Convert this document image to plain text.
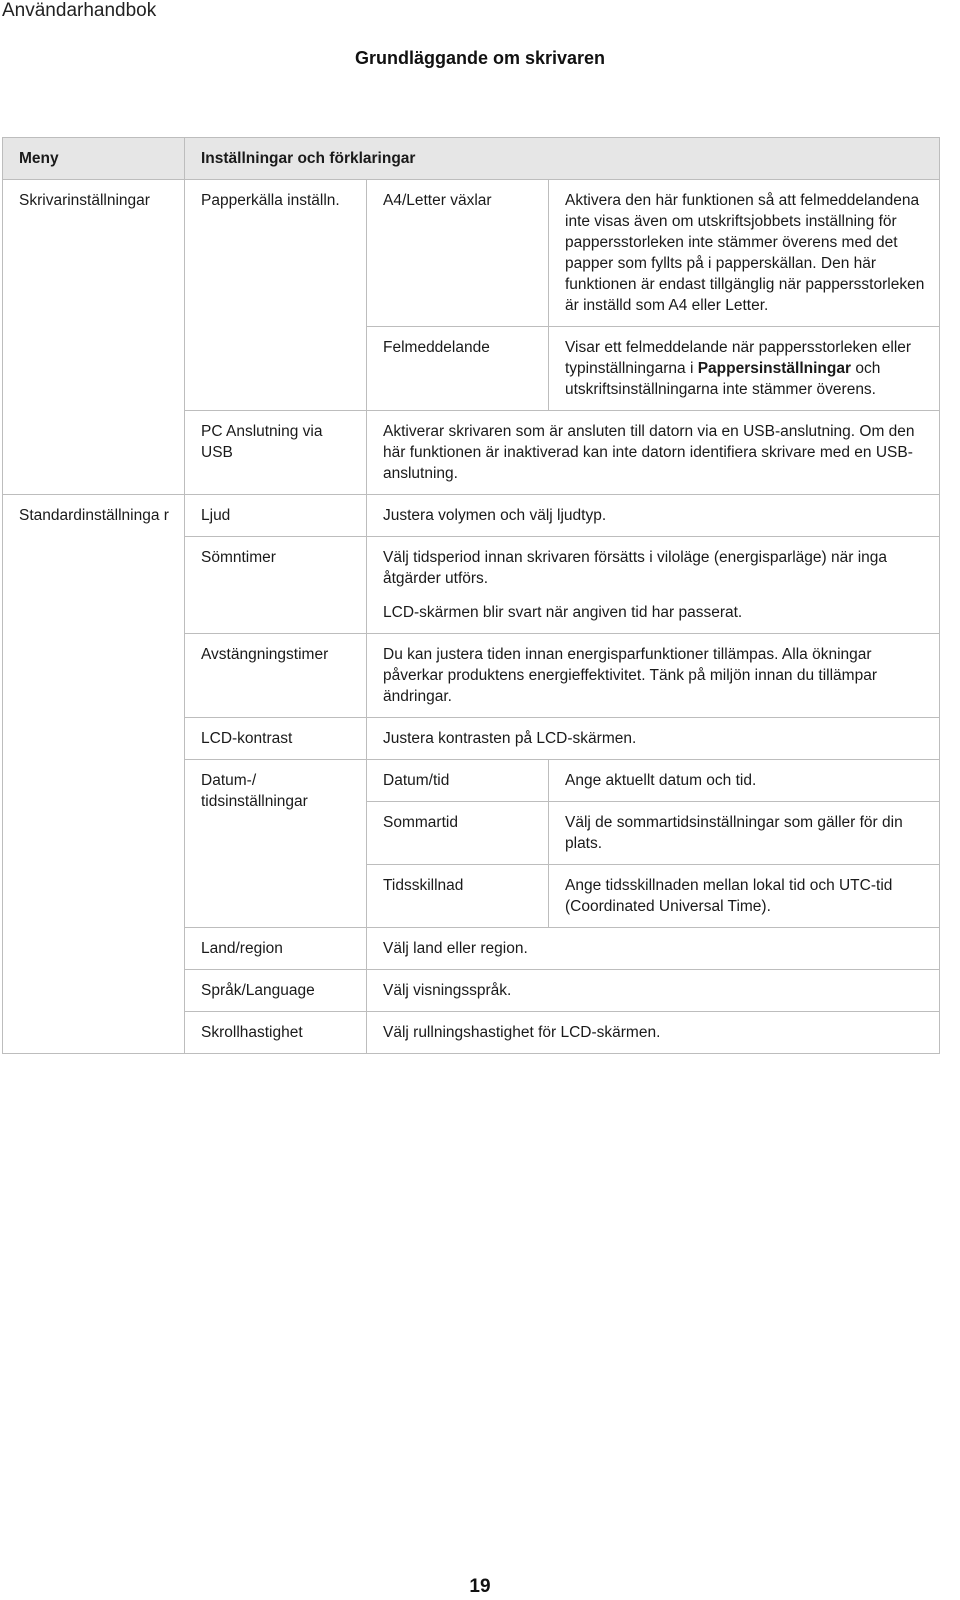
Användarhandbok
Grundläggande om skrivaren
Meny	Inställningar och förklaringar		
Skrivarinställningar	Papperkälla inställn.	A4/Letter växlar	Aktivera den här funktionen så att felmeddelandena inte visas även om utskriftsjobbets inställning för pappersstorleken inte stämmer överens med det papper som fyllts på i papperskällan. Den här funktionen är endast tillgänglig när pappersstorleken är inställd som A4 eller Letter.
		Felmeddelande	Visar ett felmeddelande när pappersstorleken eller typinställningarna i Pappersinställningar och utskriftsinställningarna inte stämmer överens.
	PC Anslutning via USB	Aktiverar skrivaren som är ansluten till datorn via en USB-anslutning. Om den här funktionen är inaktiverad kan inte datorn identifiera skrivare med en USB-anslutning.	
Standardinställninga r	Ljud	Justera volymen och välj ljudtyp.	
	Sömntimer	Välj tidsperiod innan skrivaren försätts i viloläge (energisparläge) när inga åtgärder utförs.
LCD-skärmen blir svart när angiven tid har passerat.	
	Avstängningstimer	Du kan justera tiden innan energisparfunktioner tillämpas. Alla ökningar påverkar produktens energieffektivitet. Tänk på miljön innan du tillämpar ändringar.	
	LCD-kontrast	Justera kontrasten på LCD-skärmen.	
	Datum-/ tidsinställningar	Datum/tid	Ange aktuellt datum och tid.
		Sommartid	Välj de sommartidsinställningar som gäller för din plats.
		Tidsskillnad	Ange tidsskillnaden mellan lokal tid och UTC-tid (Coordinated Universal Time).
	Land/region	Välj land eller region.	
	Språk/Language	Välj visningsspråk.	
	Skrollhastighet	Välj rullningshastighet för LCD-skärmen.	
19
